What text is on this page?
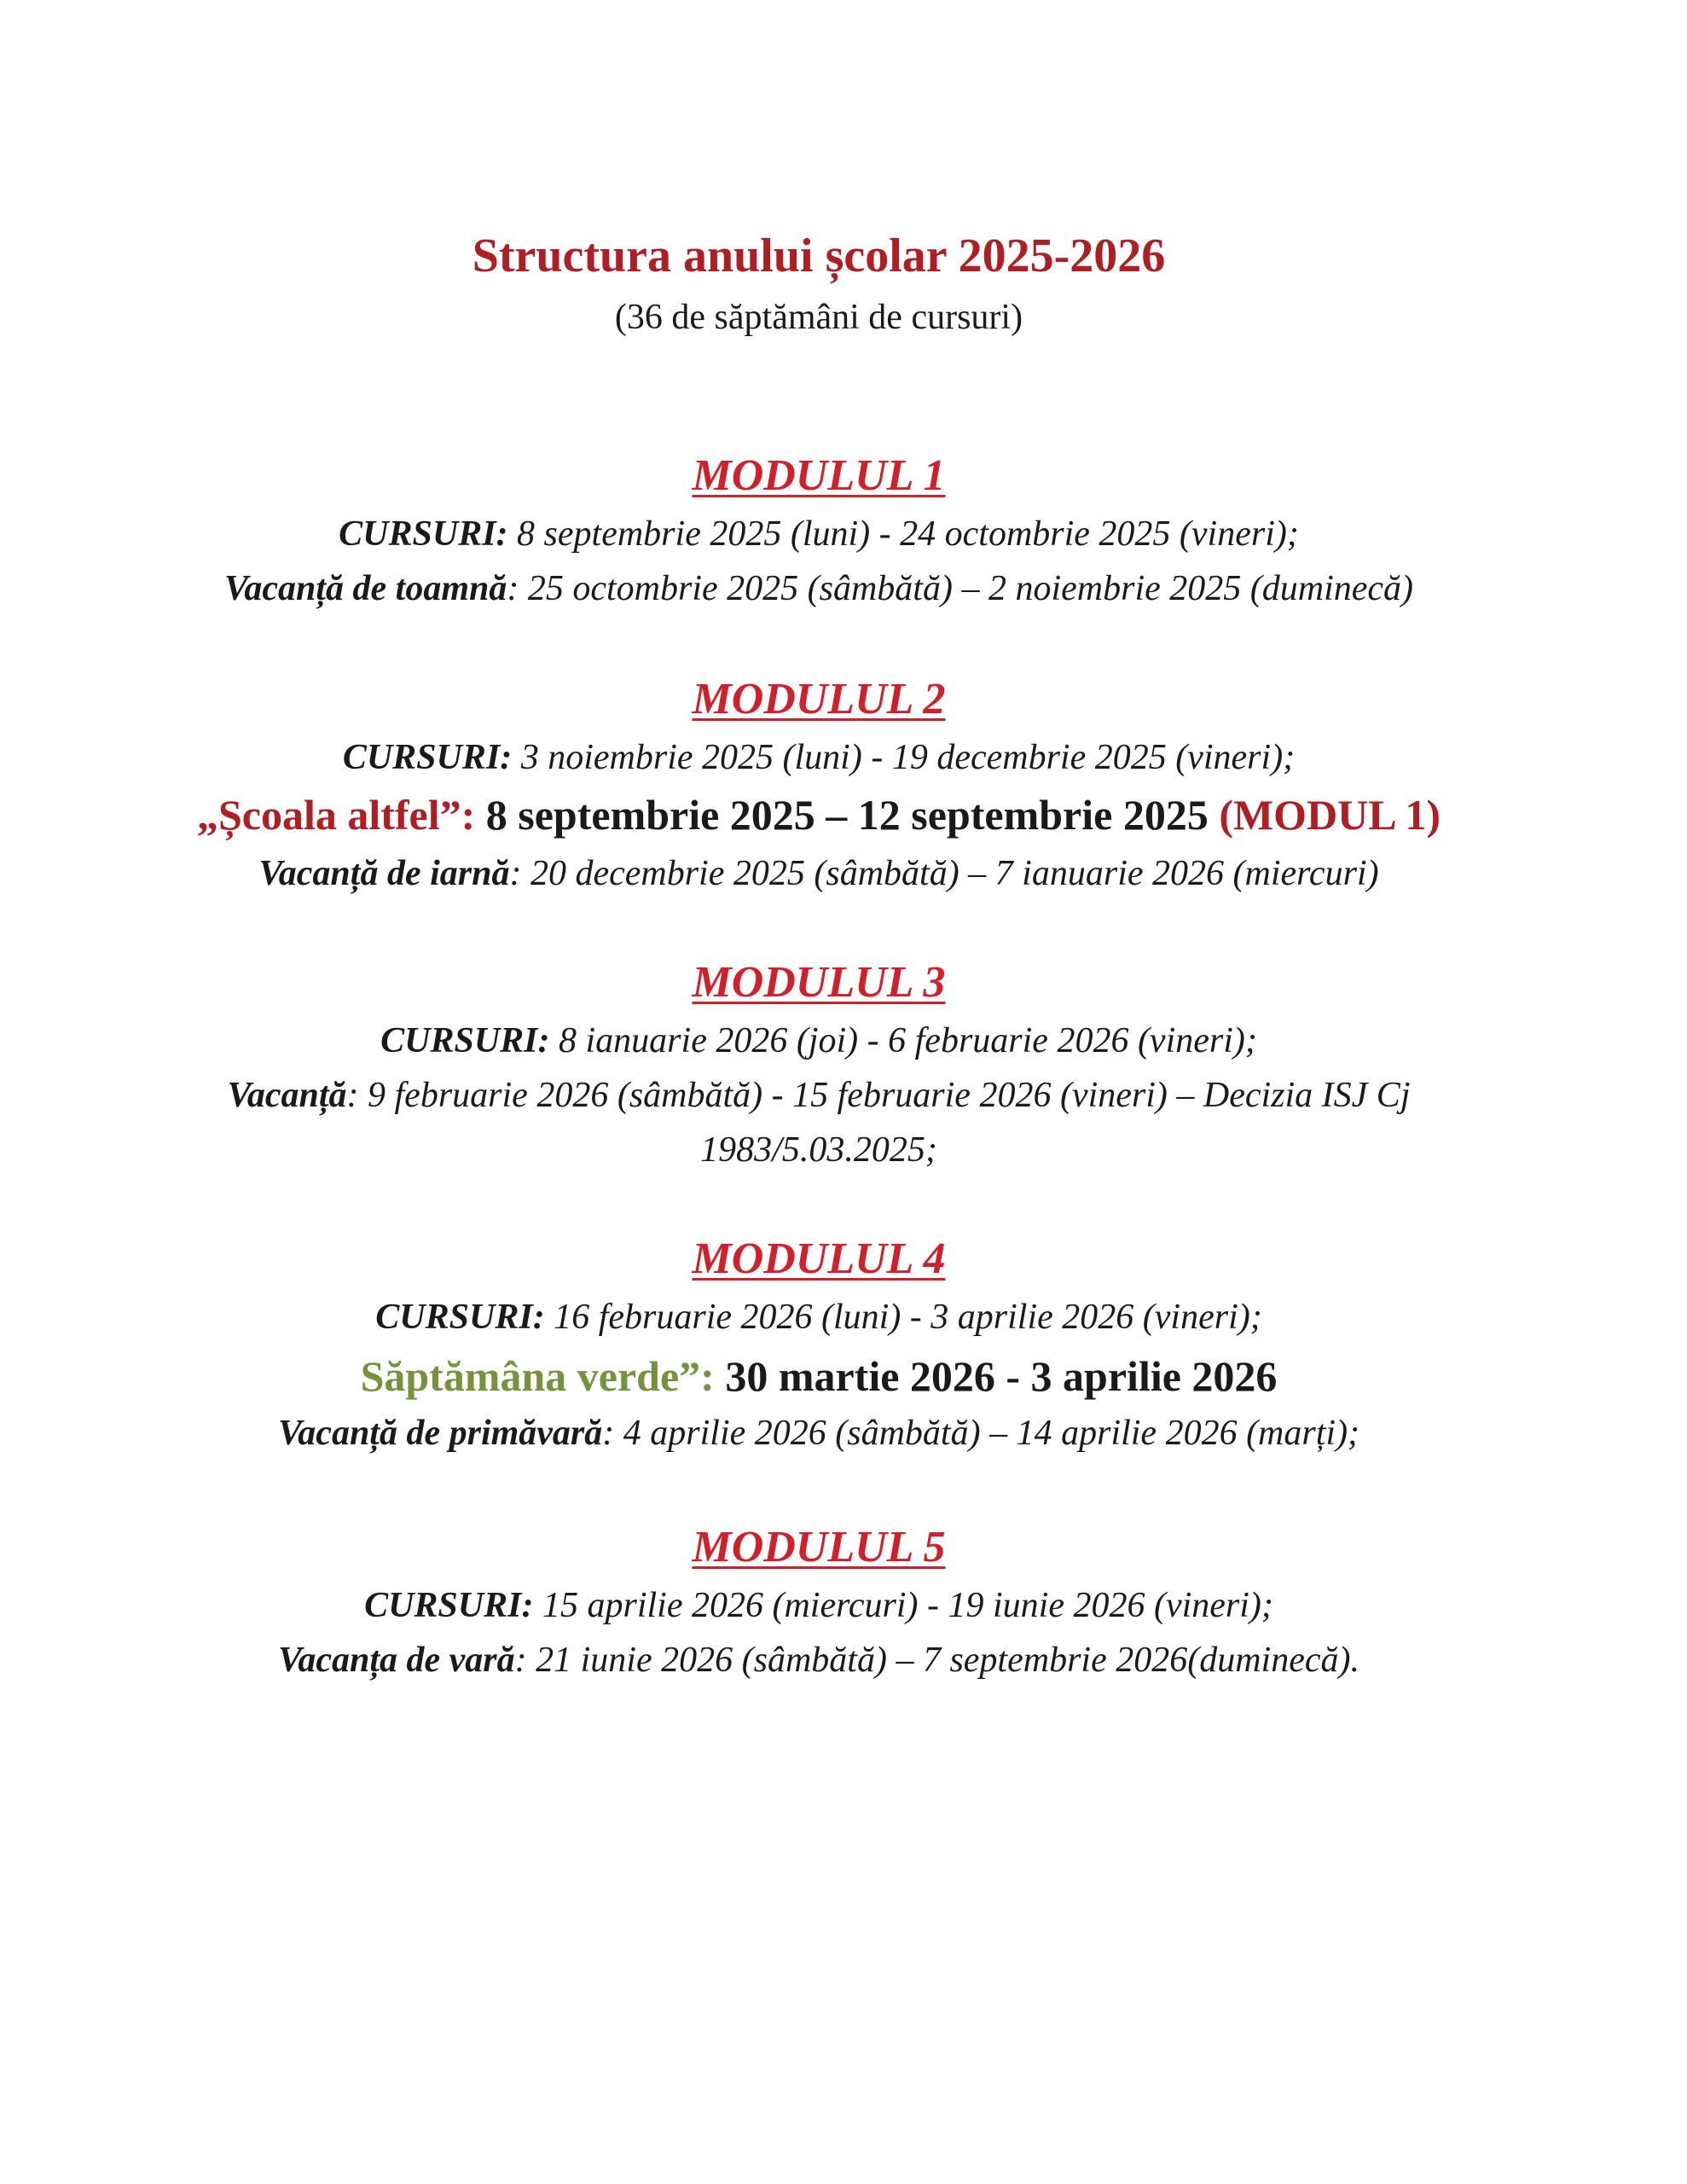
Structura anului școlar 2025-2026
(36 de săptămâni de cursuri)
MODULUL 1
CURSURI: 8 septembrie 2025 (luni) - 24 octombrie 2025 (vineri);
Vacanță de toamnă: 25 octombrie 2025 (sâmbătă) – 2 noiembrie 2025 (duminecă)
MODULUL 2
CURSURI: 3 noiembrie 2025 (luni) - 19 decembrie 2025 (vineri);
„Școala altfel”: 8 septembrie 2025 – 12 septembrie 2025 (MODUL 1)
Vacanță de iarnă: 20 decembrie 2025 (sâmbătă) – 7 ianuarie 2026 (miercuri)
MODULUL 3
CURSURI: 8 ianuarie 2026 (joi) - 6 februarie 2026 (vineri);
Vacanță: 9 februarie 2026 (sâmbătă) - 15 februarie 2026 (vineri) – Decizia ISJ Cj
1983/5.03.2025;
MODULUL 4
CURSURI: 16 februarie 2026 (luni) - 3 aprilie 2026 (vineri);
Săptămâna verde”: 30 martie 2026 - 3 aprilie 2026
Vacanță de primăvară: 4 aprilie 2026 (sâmbătă) – 14 aprilie 2026 (marți);
MODULUL 5
CURSURI: 15 aprilie 2026 (miercuri) - 19 iunie 2026 (vineri);
Vacanța de vară: 21 iunie 2026 (sâmbătă) – 7 septembrie 2026(duminecă).
